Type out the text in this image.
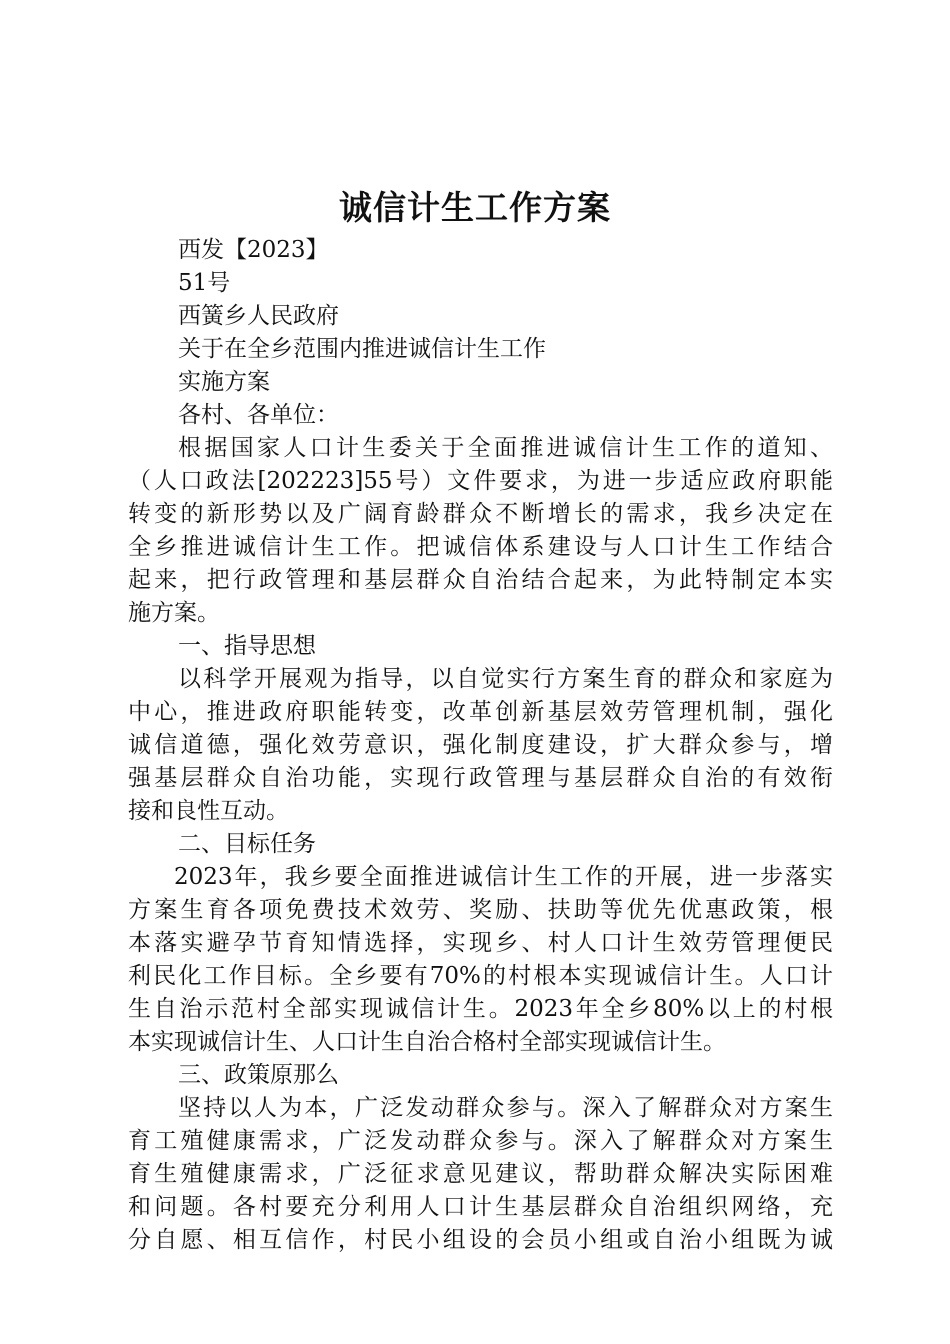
诚信计生工作方案
西发【2023】
51号
西簧乡人民政府
关于在全乡范围内推进诚信计生工作
实施方案
各村、各单位：
根据国家人口计生委关于全面推进诚信计生工作的道知、
（人口政法[202223]55号）文件要求，为进一步适应政府职能
转变的新形势以及广阔育龄群众不断增长的需求，我乡决定在
全乡推进诚信计生工作。把诚信体系建设与人口计生工作结合
起来，把行政管理和基层群众自治结合起来，为此特制定本实
施方案。
一、指导思想
以科学开展观为指导，以自觉实行方案生育的群众和家庭为
中心，推进政府职能转变，改革创新基层效劳管理机制，强化
诚信道德，强化效劳意识，强化制度建设，扩大群众参与，增
强基层群众自治功能，实现行政管理与基层群众自治的有效衔
接和良性互动。
二、目标任务
2023年，我乡要全面推进诚信计生工作的开展，进一步落实
方案生育各项免费技术效劳、奖励、扶助等优先优惠政策，根
本落实避孕节育知情选择，实现乡、村人口计生效劳管理便民
利民化工作目标。全乡要有70%的村根本实现诚信计生。人口计
生自治示范村全部实现诚信计生。2023年全乡80%以上的村根
本实现诚信计生、人口计生自治合格村全部实现诚信计生。
三、政策原那么
坚持以人为本，广泛发动群众参与。深入了解群众对方案生
育工殖健康需求，广泛发动群众参与。深入了解群众对方案生
育生殖健康需求，广泛征求意见建议，帮助群众解决实际困难
和问题。各村要充分利用人口计生基层群众自治组织网络，充
分自愿、相互信作，村民小组设的会员小组或自治小组既为诚
